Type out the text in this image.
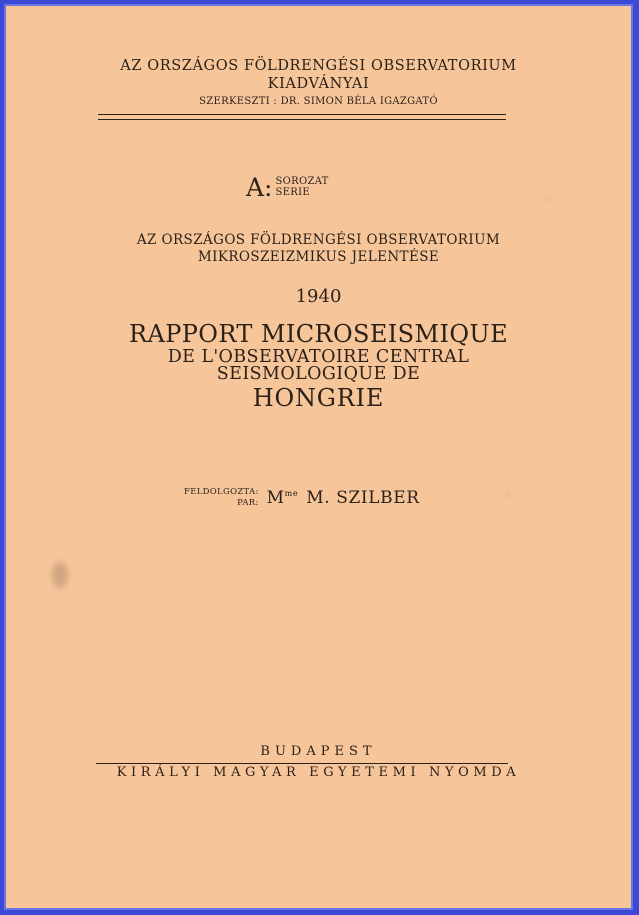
AZ ORSZÁGOS FÖLDRENGÉSI OBSERVATORIUM
KIADVÁNYAI
SZERKESZTI : DR. SIMON BÉLA IGAZGATÓ
A: SOROZAT
SERIE
AZ ORSZÁGOS FÖLDRENGÉSI OBSERVATORIUM
MIKROSZEIZMIKUS JELENTÉSE
1940
RAPPORT MICROSEISMIQUE
DE L'OBSERVATOIRE CENTRAL
SEISMOLOGIQUE DE
HONGRIE
FELDOLGOZTA:
PAR: $M^{me}$ M. SZILBER
BUDAPEST
KIRÁLYI MAGYAR EGYETEMI NYOMDA
